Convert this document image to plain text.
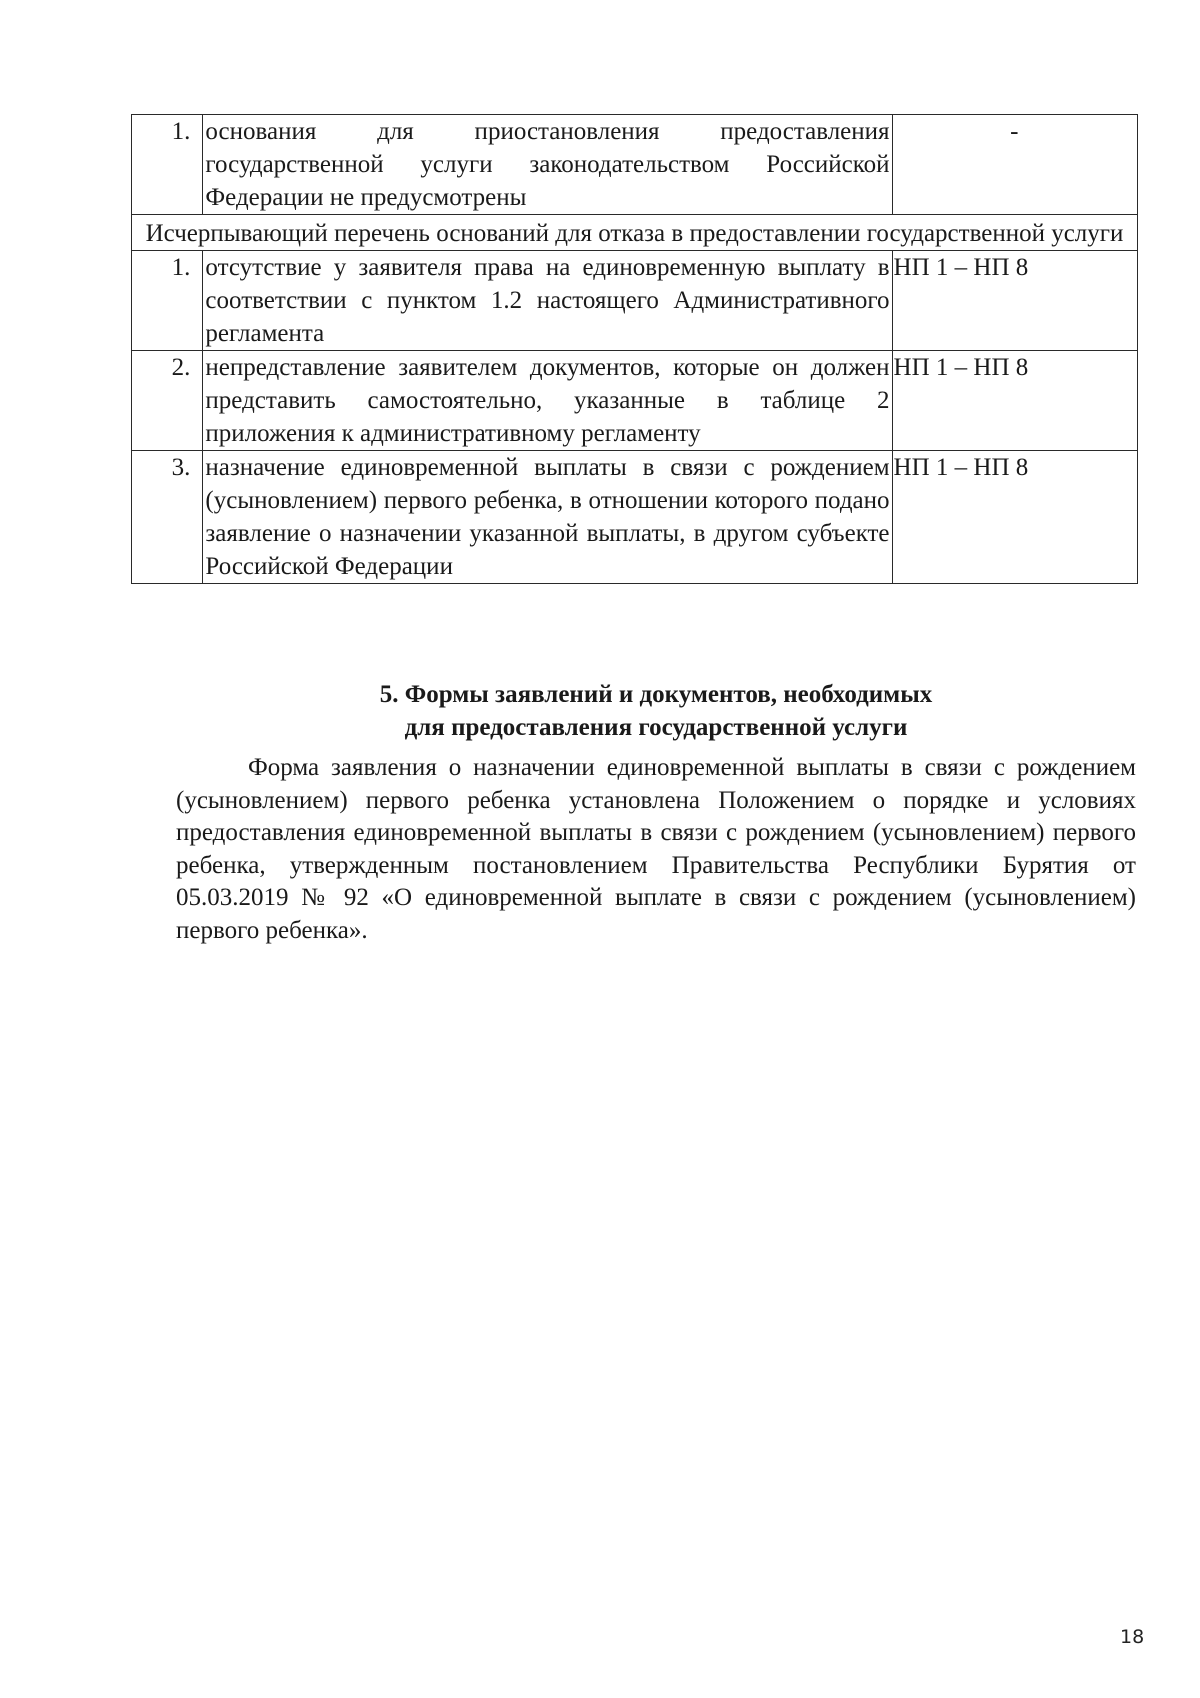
1.	основания для приостановления предоставления государственной услуги законодательством Российской Федерации не предусмотрены	-
Исчерпывающий перечень оснований для отказа в предоставлении государственной услуги		
1.	отсутствие у заявителя права на единовременную выплату в соответствии с пунктом 1.2 настоящего Административного регламента	НП 1 – НП 8
2.	непредставление заявителем документов, которые он должен представить самостоятельно, указанные в таблице 2 приложения к административному регламенту	НП 1 – НП 8
3.	назначение единовременной выплаты в связи с рождением (усыновлением) первого ребенка, в отношении которого подано заявление о назначении указанной выплаты, в другом субъекте Российской Федерации	НП 1 – НП 8
5. Формы заявлений и документов, необходимых
для предоставления государственной услуги

Форма заявления о назначении единовременной выплаты в связи с рождением (усыновлением) первого ребенка установлена Положением о порядке и условиях предоставления единовременной выплаты в связи с рождением (усыновлением) первого ребенка, утвержденным постановлением Правительства Республики Бурятия от 05.03.2019 № 92 «О единовременной выплате в связи с рождением (усыновлением) первого ребенка».

18
